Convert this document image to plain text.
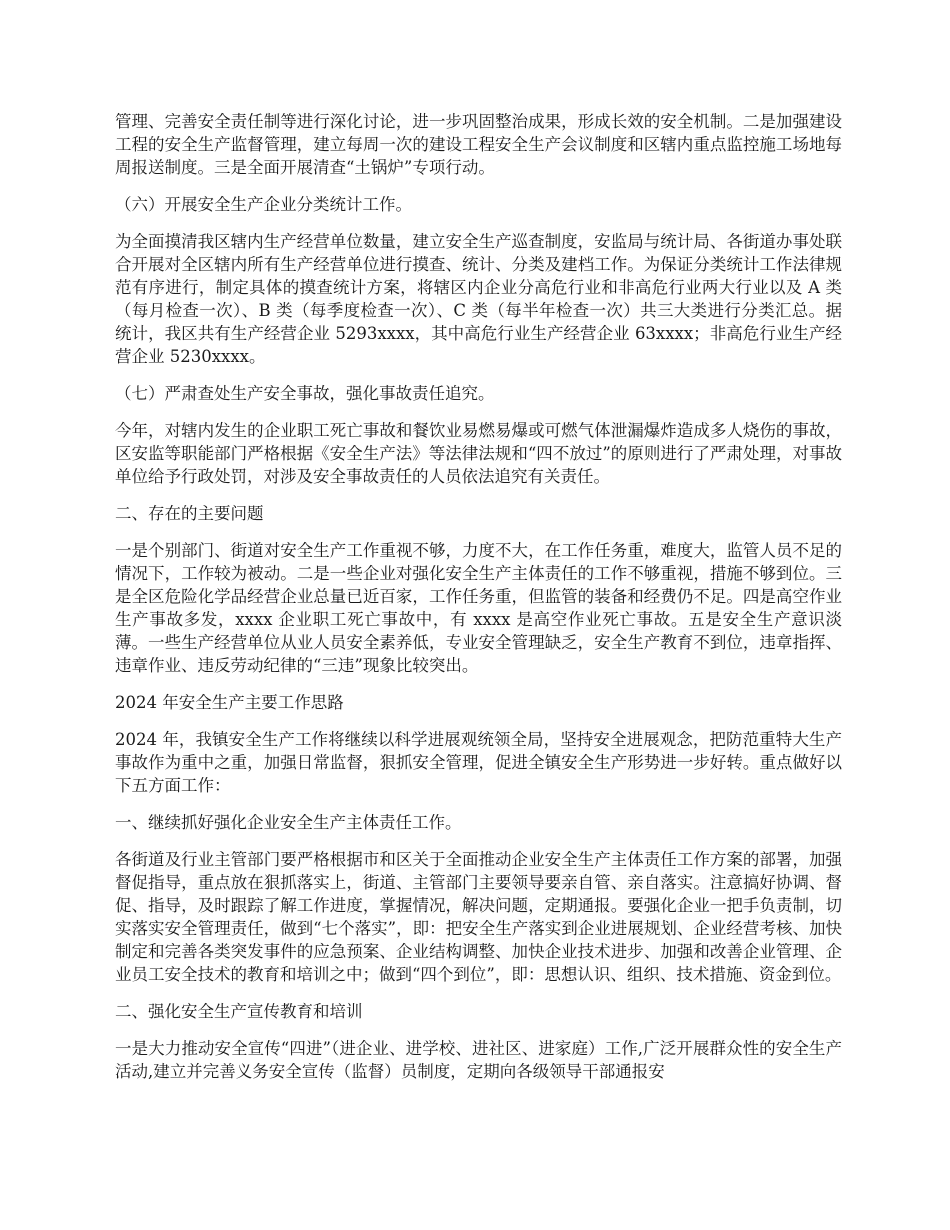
管理、完善安全责任制等进行深化讨论，进一步巩固整治成果，形成长效的安全机制。二是加强建设工程的安全生产监督管理，建立每周一次的建设工程安全生产会议制度和区辖内重点监控施工场地每周报送制度。三是全面开展清查“土锅炉”专项行动。

（六）开展安全生产企业分类统计工作。

为全面摸清我区辖内生产经营单位数量，建立安全生产巡查制度，安监局与统计局、各街道办事处联合开展对全区辖内所有生产经营单位进行摸查、统计、分类及建档工作。为保证分类统计工作法律规范有序进行，制定具体的摸查统计方案，将辖区内企业分高危行业和非高危行业两大行业以及 A 类（每月检查一次）、B 类（每季度检查一次）、C 类（每半年检查一次）共三大类进行分类汇总。据统计，我区共有生产经营企业 5293xxxx，其中高危行业生产经营企业 63xxxx；非高危行业生产经营企业 5230xxxx。

（七）严肃查处生产安全事故，强化事故责任追究。

今年，对辖内发生的企业职工死亡事故和餐饮业易燃易爆或可燃气体泄漏爆炸造成多人烧伤的事故，区安监等职能部门严格根据《安全生产法》等法律法规和“四不放过”的原则进行了严肃处理，对事故单位给予行政处罚，对涉及安全事故责任的人员依法追究有关责任。

二、存在的主要问题

一是个别部门、街道对安全生产工作重视不够，力度不大，在工作任务重，难度大，监管人员不足的情况下，工作较为被动。二是一些企业对强化安全生产主体责任的工作不够重视，措施不够到位。三是全区危险化学品经营企业总量已近百家，工作任务重，但监管的装备和经费仍不足。四是高空作业生产事故多发，xxxx 企业职工死亡事故中，有 xxxx 是高空作业死亡事故。五是安全生产意识淡薄。一些生产经营单位从业人员安全素养低，专业安全管理缺乏，安全生产教育不到位，违章指挥、违章作业、违反劳动纪律的“三违”现象比较突出。

2024 年安全生产主要工作思路

2024 年，我镇安全生产工作将继续以科学进展观统领全局，坚持安全进展观念，把防范重特大生产事故作为重中之重，加强日常监督，狠抓安全管理，促进全镇安全生产形势进一步好转。重点做好以下五方面工作：

一、继续抓好强化企业安全生产主体责任工作。

各街道及行业主管部门要严格根据市和区关于全面推动企业安全生产主体责任工作方案的部署，加强督促指导，重点放在狠抓落实上，街道、主管部门主要领导要亲自管、亲自落实。注意搞好协调、督促、指导，及时跟踪了解工作进度，掌握情况，解决问题，定期通报。要强化企业一把手负责制，切实落实安全管理责任，做到“七个落实”，即：把安全生产落实到企业进展规划、企业经营考核、加快制定和完善各类突发事件的应急预案、企业结构调整、加快企业技术进步、加强和改善企业管理、企业员工安全技术的教育和培训之中；做到“四个到位”，即：思想认识、组织、技术措施、资金到位。

二、强化安全生产宣传教育和培训

一是大力推动安全宣传“四进”（进企业、进学校、进社区、进家庭）工作,广泛开展群众性的安全生产活动,建立并完善义务安全宣传（监督）员制度，定期向各级领导干部通报安
